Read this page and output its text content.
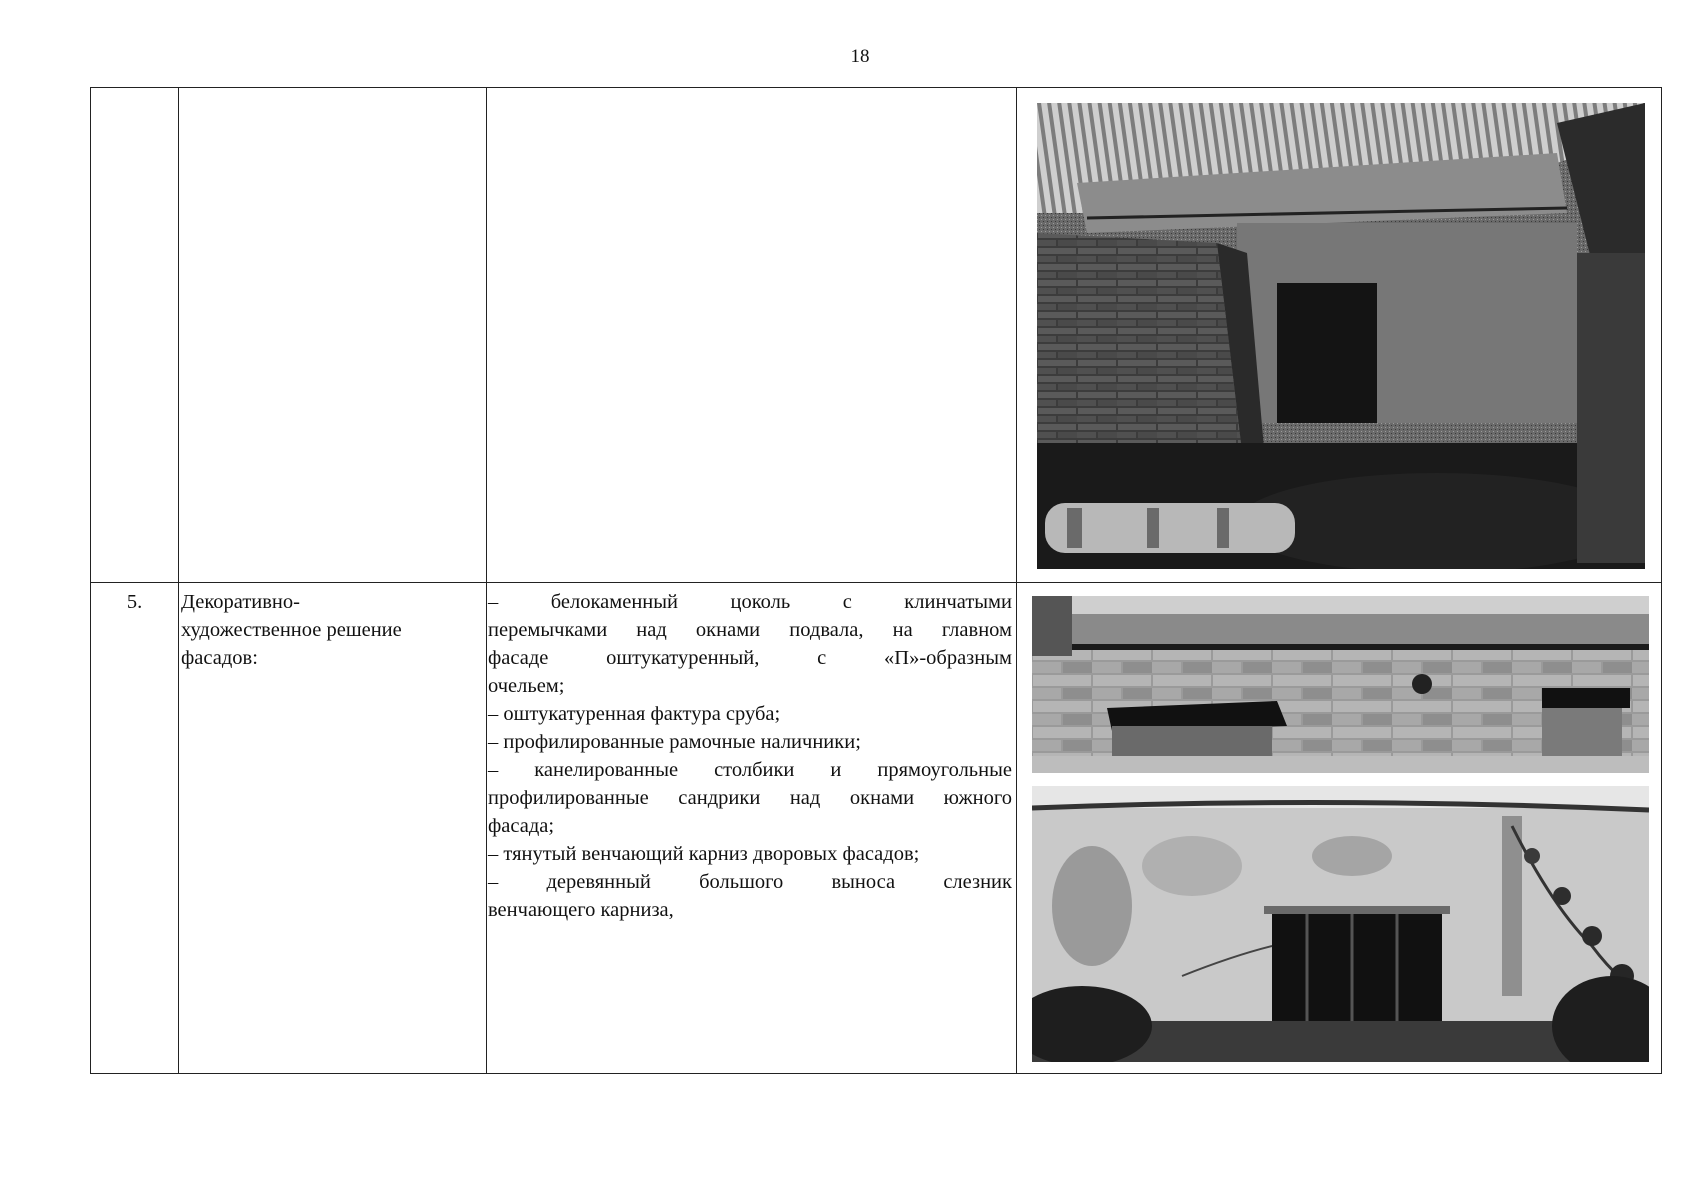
18
5.	Декоративно-
художественное решение
фасадов:
– белокаменный цоколь с клинчатыми
перемычками над окнами подвала, на главном
фасаде оштукатуренный, с «П»-образным
очельем;
– оштукатуренная фактура сруба;
– профилированные рамочные наличники;
– канелированные столбики и прямоугольные
профилированные сандрики над окнами южного
фасада;
– тянутый венчающий карниз дворовых фасадов;
– деревянный большого выноса слезник
венчающего карниза,
